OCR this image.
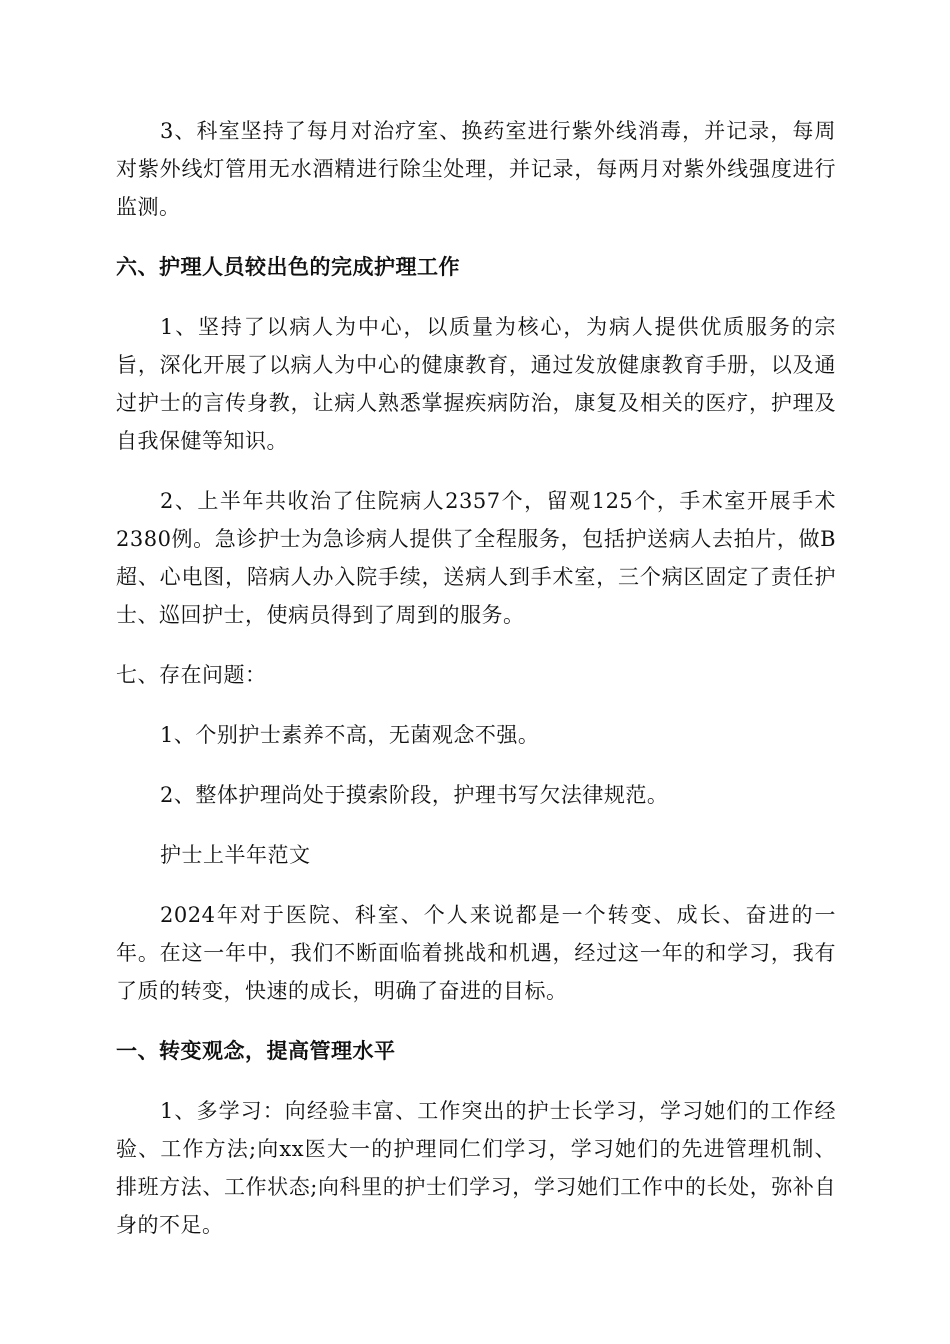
3、科室坚持了每月对治疗室、换药室进行紫外线消毒，并记录，每周对紫外线灯管用无水酒精进行除尘处理，并记录，每两月对紫外线强度进行监测。

六、护理人员较出色的完成护理工作

1、坚持了以病人为中心，以质量为核心，为病人提供优质服务的宗旨，深化开展了以病人为中心的健康教育，通过发放健康教育手册，以及通过护士的言传身教，让病人熟悉掌握疾病防治，康复及相关的医疗，护理及自我保健等知识。

2、上半年共收治了住院病人2357个，留观125个，手术室开展手术2380例。急诊护士为急诊病人提供了全程服务，包括护送病人去拍片，做B超、心电图，陪病人办入院手续，送病人到手术室，三个病区固定了责任护士、巡回护士，使病员得到了周到的服务。

七、存在问题：

1、个别护士素养不高，无菌观念不强。

2、整体护理尚处于摸索阶段，护理书写欠法律规范。

护士上半年范文

2024年对于医院、科室、个人来说都是一个转变、成长、奋进的一年。在这一年中，我们不断面临着挑战和机遇，经过这一年的和学习，我有了质的转变，快速的成长，明确了奋进的目标。

一、转变观念，提高管理水平

1、多学习：向经验丰富、工作突出的护士长学习，学习她们的工作经验、工作方法;向xx医大一的护理同仁们学习，学习她们的先进管理机制、排班方法、工作状态;向科里的护士们学习，学习她们工作中的长处，弥补自身的不足。
